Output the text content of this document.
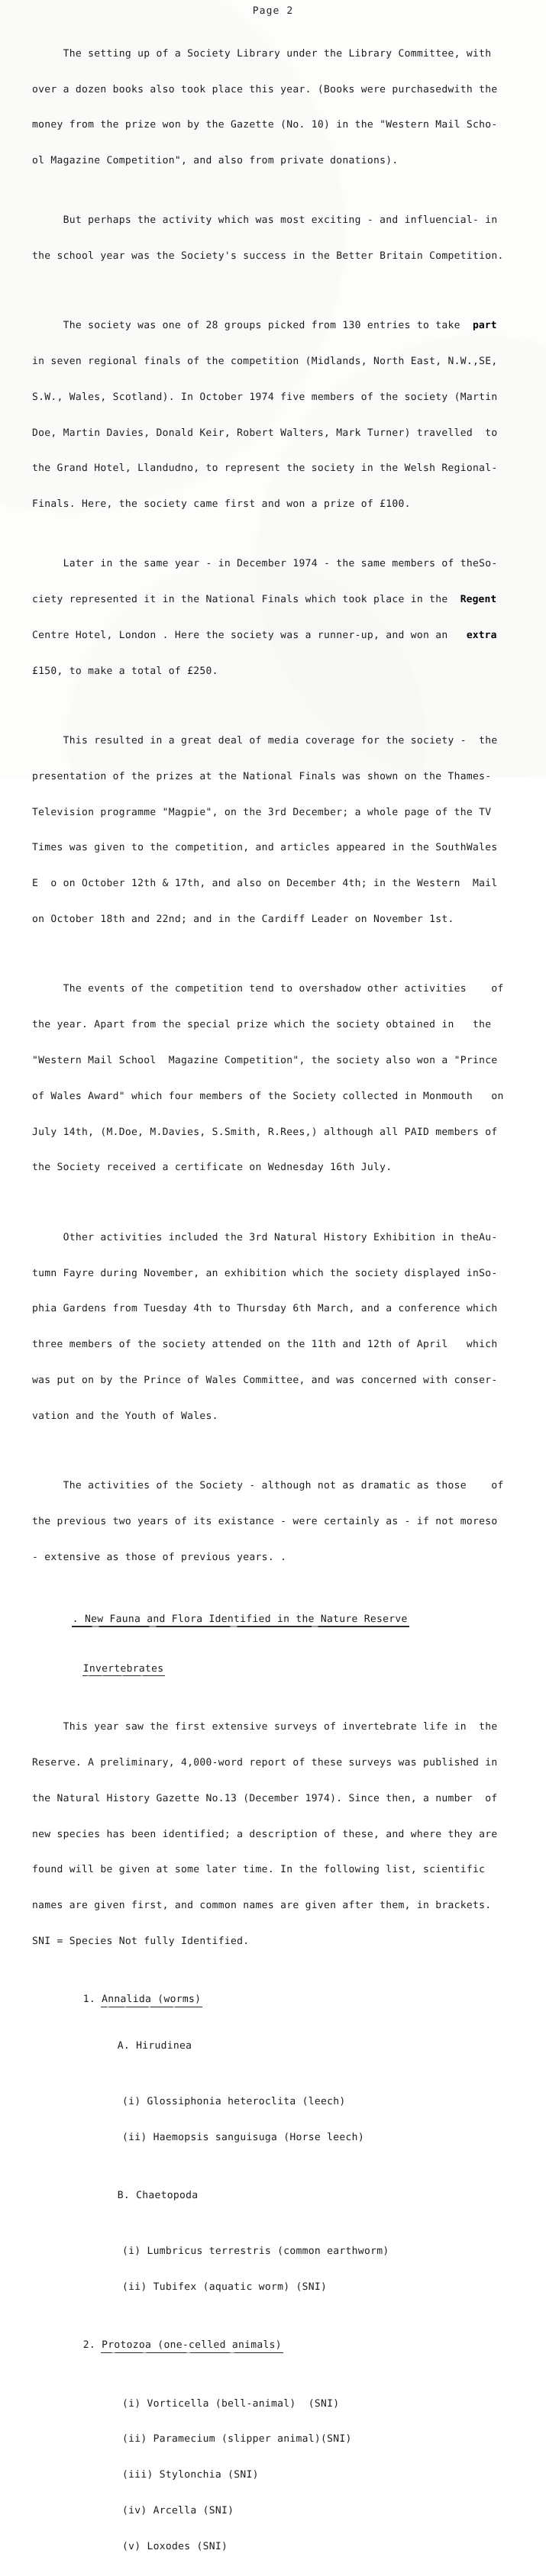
Page 2

The setting up of a Society Library under the Library Committee, with

over a dozen books also took place this year. (Books were purchasedwith the

money from the prize won by the Gazette (No. 10) in the "Western Mail Scho-

ol Magazine Competition", and also from private donations).

But perhaps the activity which was most exciting - and influencial- in

the school year was the Society's success in the Better Britain Competition.

The society was one of 28 groups picked from 130 entries to take  part

in seven regional finals of the competition (Midlands, North East, N.W.,SE,

S.W., Wales, Scotland). In October 1974 five members of the society (Martin

Doe, Martin Davies, Donald Keir, Robert Walters, Mark Turner) travelled  to

the Grand Hotel, Llandudno, to represent the society in the Welsh Regional-

Finals. Here, the society came first and won a prize of £100.

Later in the same year - in December 1974 - the same members of theSo-

ciety represented it in the National Finals which took place in the  Regent

Centre Hotel, London . Here the society was a runner-up, and won an   extra

£150, to make a total of £250.

This resulted in a great deal of media coverage for the society -  the

presentation of the prizes at the National Finals was shown on the Thames-

Television programme "Magpie", on the 3rd December; a whole page of the TV

Times was given to the competition, and articles appeared in the SouthWales

E  o on October 12th & 17th, and also on December 4th; in the Western  Mail

on October 18th and 22nd; and in the Cardiff Leader on November 1st.

The events of the competition tend to overshadow other activities    of

the year. Apart from the special prize which the society obtained in   the

"Western Mail School  Magazine Competition", the society also won a "Prince

of Wales Award" which four members of the Society collected in Monmouth   on

July 14th, (M.Doe, M.Davies, S.Smith, R.Rees,) although all PAID members of

the Society received a certificate on Wednesday 16th July.

Other activities included the 3rd Natural History Exhibition in theAu-

tumn Fayre during November, an exhibition which the society displayed inSo-

phia Gardens from Tuesday 4th to Thursday 6th March, and a conference which

three members of the society attended on the 11th and 12th of April   which

was put on by the Prince of Wales Committee, and was concerned with conser-

vation and the Youth of Wales.

The activities of the Society - although not as dramatic as those    of

the previous two years of its existance - were certainly as - if not moreso

- extensive as those of previous years. .

. New Fauna and Flora Identified in the Nature Reserve

Invertebrates

This year saw the first extensive surveys of invertebrate life in  the

Reserve. A preliminary, 4,000-word report of these surveys was published in

the Natural History Gazette No.13 (December 1974). Since then, a number  of

new species has been identified; a description of these, and where they are

found will be given at some later time. In the following list, scientific

names are given first, and common names are given after them, in brackets.

SNI = Species Not fully Identified.

1. Annalida (worms)

A. Hirudinea

(i) Glossiphonia heteroclita (leech)

(ii) Haemopsis sanguisuga (Horse leech)

B. Chaetopoda

(i) Lumbricus terrestris (common earthworm)

(ii) Tubifex (aquatic worm) (SNI)

2. Protozoa (one-celled animals)

(i) Vorticella (bell-animal)  (SNI)

(ii) Paramecium (slipper animal)(SNI)

(iii) Stylonchia (SNI)

(iv) Arcella (SNI)

(v) Loxodes (SNI)
